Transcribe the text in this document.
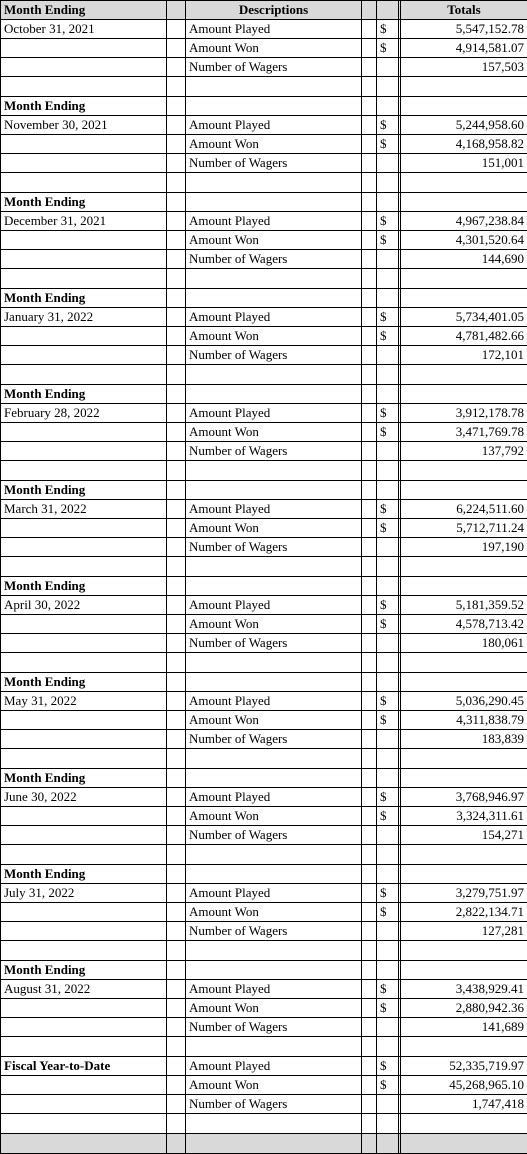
Month Ending		Descriptions				Totals
October 31, 2021		Amount Played		$		5,547,152.78
		Amount Won		$		4,914,581.07
		Number of Wagers				157,503

Month Ending						
November 30, 2021		Amount Played		$		5,244,958.60
		Amount Won		$		4,168,958.82
		Number of Wagers				151,001

Month Ending						
December 31, 2021		Amount Played		$		4,967,238.84
		Amount Won		$		4,301,520.64
		Number of Wagers				144,690

Month Ending						
January 31, 2022		Amount Played		$		5,734,401.05
		Amount Won		$		4,781,482.66
		Number of Wagers				172,101

Month Ending						
February 28, 2022		Amount Played		$		3,912,178.78
		Amount Won		$		3,471,769.78
		Number of Wagers				137,792

Month Ending						
March 31, 2022		Amount Played		$		6,224,511.60
		Amount Won		$		5,712,711.24
		Number of Wagers				197,190

Month Ending						
April 30, 2022		Amount Played		$		5,181,359.52
		Amount Won		$		4,578,713.42
		Number of Wagers				180,061

Month Ending						
May 31, 2022		Amount Played		$		5,036,290.45
		Amount Won		$		4,311,838.79
		Number of Wagers				183,839

Month Ending						
June 30, 2022		Amount Played		$		3,768,946.97
		Amount Won		$		3,324,311.61
		Number of Wagers				154,271

Month Ending						
July 31, 2022		Amount Played		$		3,279,751.97
		Amount Won		$		2,822,134.71
		Number of Wagers				127,281

Month Ending						
August 31, 2022		Amount Played		$		3,438,929.41
		Amount Won		$		2,880,942.36
		Number of Wagers				141,689

Fiscal Year-to-Date		Amount Played		$		52,335,719.97
		Amount Won		$		45,268,965.10
		Number of Wagers				1,747,418
